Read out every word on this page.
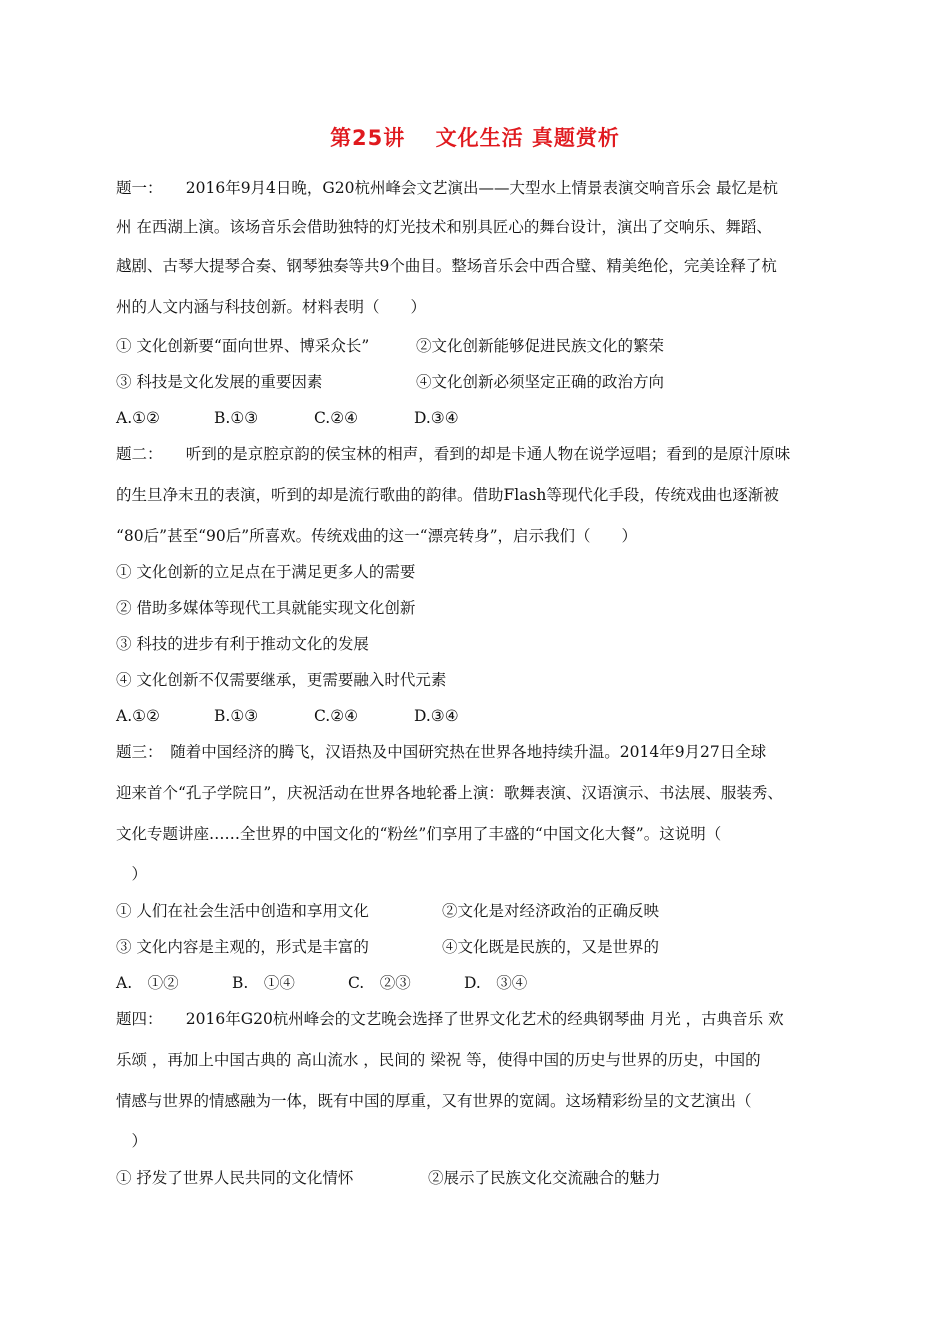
第25讲　 文化生活 真题赏析
题一：　　2016年9月4日晚，G20杭州峰会文艺演出——大型水上情景表演交响音乐会 最忆是杭
州 在西湖上演。该场音乐会借助独特的灯光技术和别具匠心的舞台设计，演出了交响乐、舞蹈、
越剧、古琴大提琴合奏、钢琴独奏等共9个曲目。整场音乐会中西合璧、精美绝伦，完美诠释了杭
州的人文内涵与科技创新。材料表明（　　）
① 文化创新要“面向世界、博采众长”	②文化创新能够促进民族文化的繁荣
③ 科技是文化发展的重要因素	④文化创新必须坚定正确的政治方向
A.①②	B.①③	C.②④	D.③④
题二：　　听到的是京腔京韵的侯宝林的相声，看到的却是卡通人物在说学逗唱；看到的是原汁原味
的生旦净末丑的表演，听到的却是流行歌曲的韵律。借助Flash等现代化手段，传统戏曲也逐渐被
“80后”甚至“90后”所喜欢。传统戏曲的这一“漂亮转身”，启示我们（　　）
① 文化创新的立足点在于满足更多人的需要
② 借助多媒体等现代工具就能实现文化创新
③ 科技的进步有利于推动文化的发展
④ 文化创新不仅需要继承，更需要融入时代元素
A.①②	B.①③	C.②④	D.③④
题三：　随着中国经济的腾飞，汉语热及中国研究热在世界各地持续升温。2014年9月27日全球
迎来首个“孔子学院日”，庆祝活动在世界各地轮番上演：歌舞表演、汉语演示、书法展、服装秀、
文化专题讲座……全世界的中国文化的“粉丝”们享用了丰盛的“中国文化大餐”。这说明（
　）
① 人们在社会生活中创造和享用文化	②文化是对经济政治的正确反映
③ 文化内容是主观的，形式是丰富的	④文化既是民族的，又是世界的
A.　①②	B.　①④	C.　②③	D.　③④
题四：　　2016年G20杭州峰会的文艺晚会选择了世界文化艺术的经典钢琴曲 月光 ，古典音乐 欢
乐颂 ，再加上中国古典的 高山流水 ，民间的 梁祝 等，使得中国的历史与世界的历史，中国的
情感与世界的情感融为一体，既有中国的厚重，又有世界的宽阔。这场精彩纷呈的文艺演出（
　）
① 抒发了世界人民共同的文化情怀	②展示了民族文化交流融合的魅力
